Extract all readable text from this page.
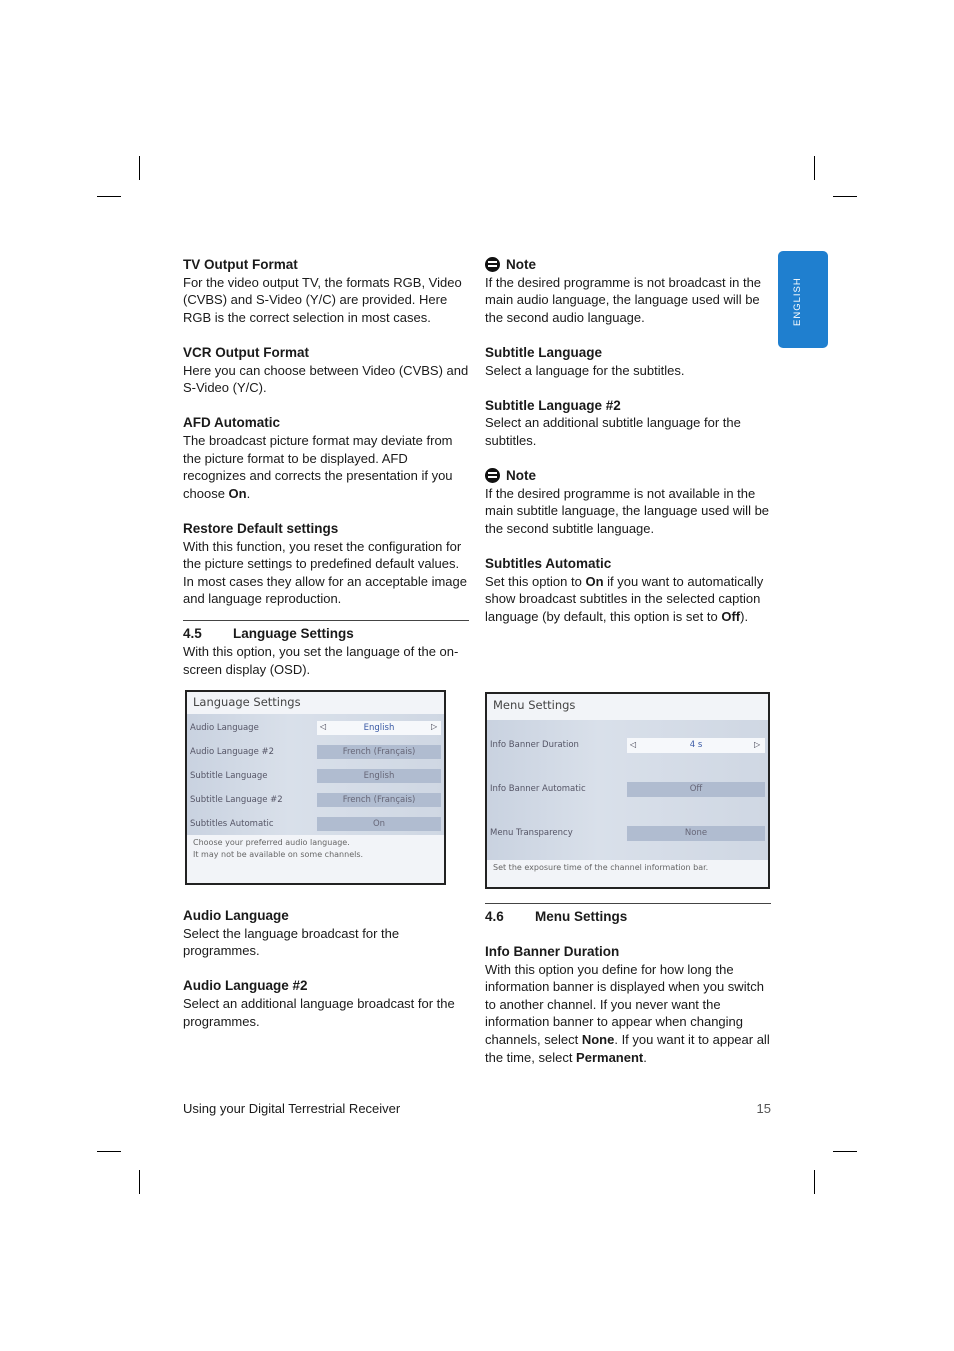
ENGLISH
TV Output Format

For the video output TV, the formats RGB, Video (CVBS) and S-Video (Y/C) are provided. Here RGB is the correct selection in most cases.

VCR Output Format

Here you can choose between Video (CVBS) and S-Video (Y/C).

AFD Automatic

The broadcast picture format may deviate from the picture format to be displayed. AFD recognizes and corrects the presentation if you choose On.

Restore Default settings

With this function, you reset the configuration for the picture settings to predefined default values. In most cases they allow for an acceptable image and language reproduction.

4.5 Language Settings

With this option, you set the language of the on-screen display (OSD).

Language Settings
Audio Language	English
◁	▷
Audio Language #2	French (Français)
Subtitle Language	English
Subtitle Language #2	French (Français)
Subtitles Automatic	On
Choose your preferred audio language.
It may not be available on some channels.
Audio Language

Select the language broadcast for the programmes.

Audio Language #2

Select an additional language broadcast for the programmes.

Note

If the desired programme is not broadcast in the main audio language, the language used will be the second audio language.

Subtitle Language

Select a language for the subtitles.

Subtitle Language #2

Select an additional subtitle language for the subtitles.

Note

If the desired programme is not available in the main subtitle language, the language used will be the second subtitle language.

Subtitles Automatic

Set this option to On if you want to automatically show broadcast subtitles in the selected caption language (by default, this option is set to Off).

Menu Settings
Info Banner Duration	4 s
◁	▷
Info Banner Automatic	Off
Menu Transparency	None
Set the exposure time of the channel information bar.
4.6 Menu Settings
Info Banner Duration

With this option you define for how long the information banner is displayed when you switch to another channel. If you never want the information banner to appear when changing channels, select None. If you want it to appear all the time, select Permanent.

Using your Digital Terrestrial Receiver	15
